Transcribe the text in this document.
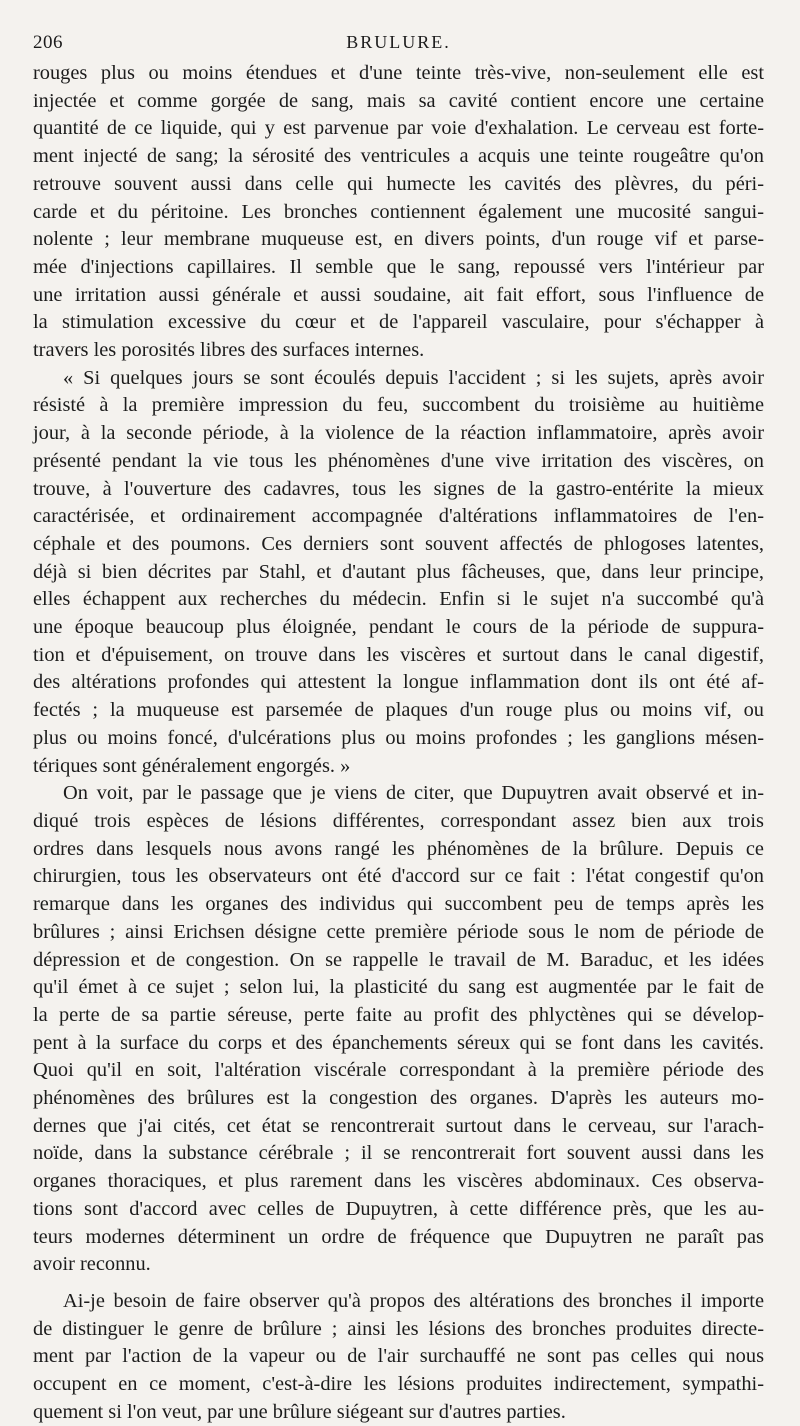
206	BRULURE.

rouges plus ou moins étendues et d'une teinte très-vive, non-seulement elle est
injectée et comme gorgée de sang, mais sa cavité contient encore une certaine
quantité de ce liquide, qui y est parvenue par voie d'exhalation. Le cerveau est forte-
ment injecté de sang; la sérosité des ventricules a acquis une teinte rougeâtre qu'on
retrouve souvent aussi dans celle qui humecte les cavités des plèvres, du péri-
carde et du péritoine. Les bronches contiennent également une mucosité sangui-
nolente ; leur membrane muqueuse est, en divers points, d'un rouge vif et parse-
mée d'injections capillaires. Il semble que le sang, repoussé vers l'intérieur par
une irritation aussi générale et aussi soudaine, ait fait effort, sous l'influence de
la stimulation excessive du cœur et de l'appareil vasculaire, pour s'échapper à
travers les porosités libres des surfaces internes.

« Si quelques jours se sont écoulés depuis l'accident ; si les sujets, après avoir
résisté à la première impression du feu, succombent du troisième au huitième
jour, à la seconde période, à la violence de la réaction inflammatoire, après avoir
présenté pendant la vie tous les phénomènes d'une vive irritation des viscères, on
trouve, à l'ouverture des cadavres, tous les signes de la gastro-entérite la mieux
caractérisée, et ordinairement accompagnée d'altérations inflammatoires de l'en-
céphale et des poumons. Ces derniers sont souvent affectés de phlogoses latentes,
déjà si bien décrites par Stahl, et d'autant plus fâcheuses, que, dans leur principe,
elles échappent aux recherches du médecin. Enfin si le sujet n'a succombé qu'à
une époque beaucoup plus éloignée, pendant le cours de la période de suppura-
tion et d'épuisement, on trouve dans les viscères et surtout dans le canal digestif,
des altérations profondes qui attestent la longue inflammation dont ils ont été af-
fectés ; la muqueuse est parsemée de plaques d'un rouge plus ou moins vif, ou
plus ou moins foncé, d'ulcérations plus ou moins profondes ; les ganglions mésen-
tériques sont généralement engorgés. »

On voit, par le passage que je viens de citer, que Dupuytren avait observé et in-
diqué trois espèces de lésions différentes, correspondant assez bien aux trois
ordres dans lesquels nous avons rangé les phénomènes de la brûlure. Depuis ce
chirurgien, tous les observateurs ont été d'accord sur ce fait : l'état congestif qu'on
remarque dans les organes des individus qui succombent peu de temps après les
brûlures ; ainsi Erichsen désigne cette première période sous le nom de période de
dépression et de congestion. On se rappelle le travail de M. Baraduc, et les idées
qu'il émet à ce sujet ; selon lui, la plasticité du sang est augmentée par le fait de
la perte de sa partie séreuse, perte faite au profit des phlyctènes qui se dévelop-
pent à la surface du corps et des épanchements séreux qui se font dans les cavités.
Quoi qu'il en soit, l'altération viscérale correspondant à la première période des
phénomènes des brûlures est la congestion des organes. D'après les auteurs mo-
dernes que j'ai cités, cet état se rencontrerait surtout dans le cerveau, sur l'arach-
noïde, dans la substance cérébrale ; il se rencontrerait fort souvent aussi dans les
organes thoraciques, et plus rarement dans les viscères abdominaux. Ces observa-
tions sont d'accord avec celles de Dupuytren, à cette différence près, que les au-
teurs modernes déterminent un ordre de fréquence que Dupuytren ne paraît pas
avoir reconnu.

Ai-je besoin de faire observer qu'à propos des altérations des bronches il importe
de distinguer le genre de brûlure ; ainsi les lésions des bronches produites directe-
ment par l'action de la vapeur ou de l'air surchauffé ne sont pas celles qui nous
occupent en ce moment, c'est-à-dire les lésions produites indirectement, sympathi-
quement si l'on veut, par une brûlure siégeant sur d'autres parties.
